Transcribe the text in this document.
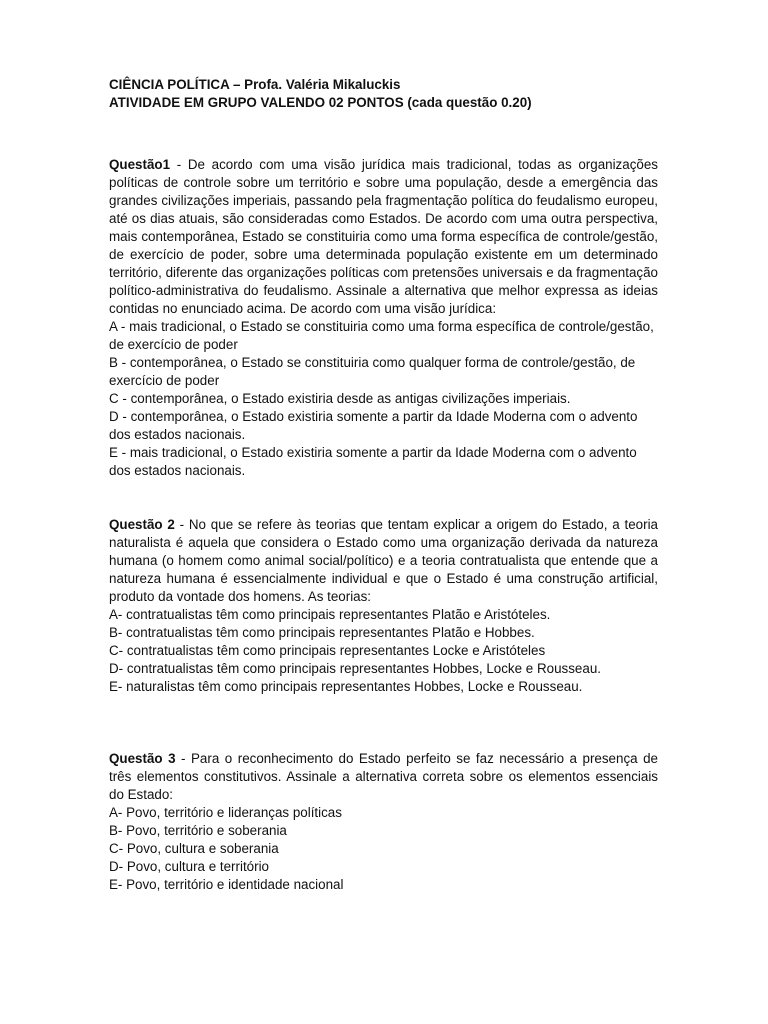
CIÊNCIA POLÍTICA – Profa. Valéria Mikaluckis
ATIVIDADE EM GRUPO VALENDO 02 PONTOS (cada questão 0.20)

Questão1 - De acordo com uma visão jurídica mais tradicional, todas as organizações políticas de controle sobre um território e sobre uma população, desde a emergência das grandes civilizações imperiais, passando pela fragmentação política do feudalismo europeu, até os dias atuais, são consideradas como Estados. De acordo com uma outra perspectiva, mais contemporânea, Estado se constituiria como uma forma específica de controle/gestão, de exercício de poder, sobre uma determinada população existente em um determinado território, diferente das organizações políticas com pretensões universais e da fragmentação político-administrativa do feudalismo. Assinale a alternativa que melhor expressa as ideias contidas no enunciado acima. De acordo com uma visão jurídica:

A - mais tradicional, o Estado se constituiria como uma forma específica de controle/gestão, de exercício de poder
B - contemporânea, o Estado se constituiria como qualquer forma de controle/gestão, de exercício de poder
C - contemporânea, o Estado existiria desde as antigas civilizações imperiais.
D - contemporânea, o Estado existiria somente a partir da Idade Moderna com o advento dos estados nacionais.
E - mais tradicional, o Estado existiria somente a partir da Idade Moderna com o advento dos estados nacionais.

Questão 2 - No que se refere às teorias que tentam explicar a origem do Estado, a teoria naturalista é aquela que considera o Estado como uma organização derivada da natureza humana (o homem como animal social/político) e a teoria contratualista que entende que a natureza humana é essencialmente individual e que o Estado é uma construção artificial, produto da vontade dos homens. As teorias:

A- contratualistas têm como principais representantes Platão e Aristóteles.
B- contratualistas têm como principais representantes Platão e Hobbes.
C- contratualistas têm como principais representantes Locke e Aristóteles
D- contratualistas têm como principais representantes Hobbes, Locke e Rousseau.
E- naturalistas têm como principais representantes Hobbes, Locke e Rousseau.

Questão 3 - Para o reconhecimento do Estado perfeito se faz necessário a presença de três elementos constitutivos. Assinale a alternativa correta sobre os elementos essenciais do Estado:

A- Povo, território e lideranças políticas
B- Povo, território e soberania
C- Povo, cultura e soberania
D- Povo, cultura e território
E- Povo, território e identidade nacional
